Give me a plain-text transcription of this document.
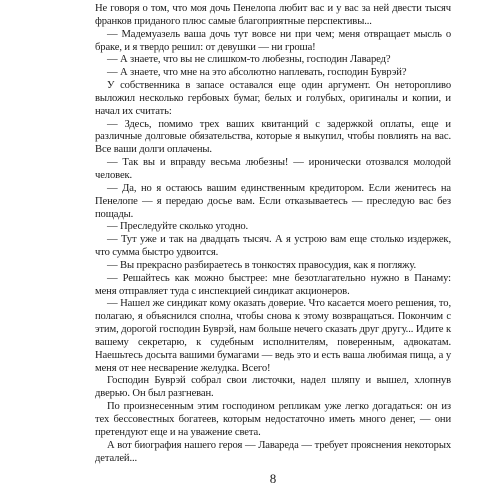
Не говоря о том, что моя дочь Пенелопа любит вас и у вас за ней двести тысяч франков приданого плюс самые благоприятные перспективы...

— Мадемуазель ваша дочь тут вовсе ни при чем; меня отвращает мысль о браке, и я твердо решил: от девушки — ни гроша!

— А знаете, что вы не слишком-то любезны, господин Лаваред?

— А знаете, что мне на это абсолютно наплевать, господин Буврэй?

У собственника в запасе оставался еще один аргумент. Он неторопливо выложил несколько гербовых бумаг, белых и голубых, оригиналы и копии, и начал их считать:

— Здесь, помимо трех ваших квитанций с задержкой оплаты, еще и различные долговые обязательства, которые я выкупил, чтобы повлиять на вас. Все ваши долги оплачены.

— Так вы и вправду весьма любезны! — иронически отозвался молодой человек.

— Да, но я остаюсь вашим единственным кредитором. Если женитесь на Пенелопе — я передаю досье вам. Если отказываетесь — преследую вас без пощады.

— Преследуйте сколько угодно.

— Тут уже и так на двадцать тысяч. А я устрою вам еще столько издержек, что сумма быстро удвоится.

— Вы прекрасно разбираетесь в тонкостях правосудия, как я погляжу.

— Решайтесь как можно быстрее: мне безотлагательно нужно в Панаму: меня отправляет туда с инспекцией синдикат акционеров.

— Нашел же синдикат кому оказать доверие. Что касается моего решения, то, полагаю, я объяснился сполна, чтобы снова к этому возвращаться. Покончим с этим, дорогой господин Буврэй, нам больше нечего сказать друг другу... Идите к вашему секретарю, к судебным исполнителям, поверенным, адвокатам. Наешьтесь досыта вашими бумагами — ведь это и есть ваша любимая пища, а у меня от нее несварение желудка. Всего!

Господин Буврэй собрал свои листочки, надел шляпу и вышел, хлопнув дверью. Он был разгневан.

По произнесенным этим господином репликам уже легко догадаться: он из тех бессовестных богатеев, которым недостаточно иметь много денег, — они претендуют еще и на уважение света.

А вот биография нашего героя — Лавареда — требует прояснения некоторых деталей...

8
